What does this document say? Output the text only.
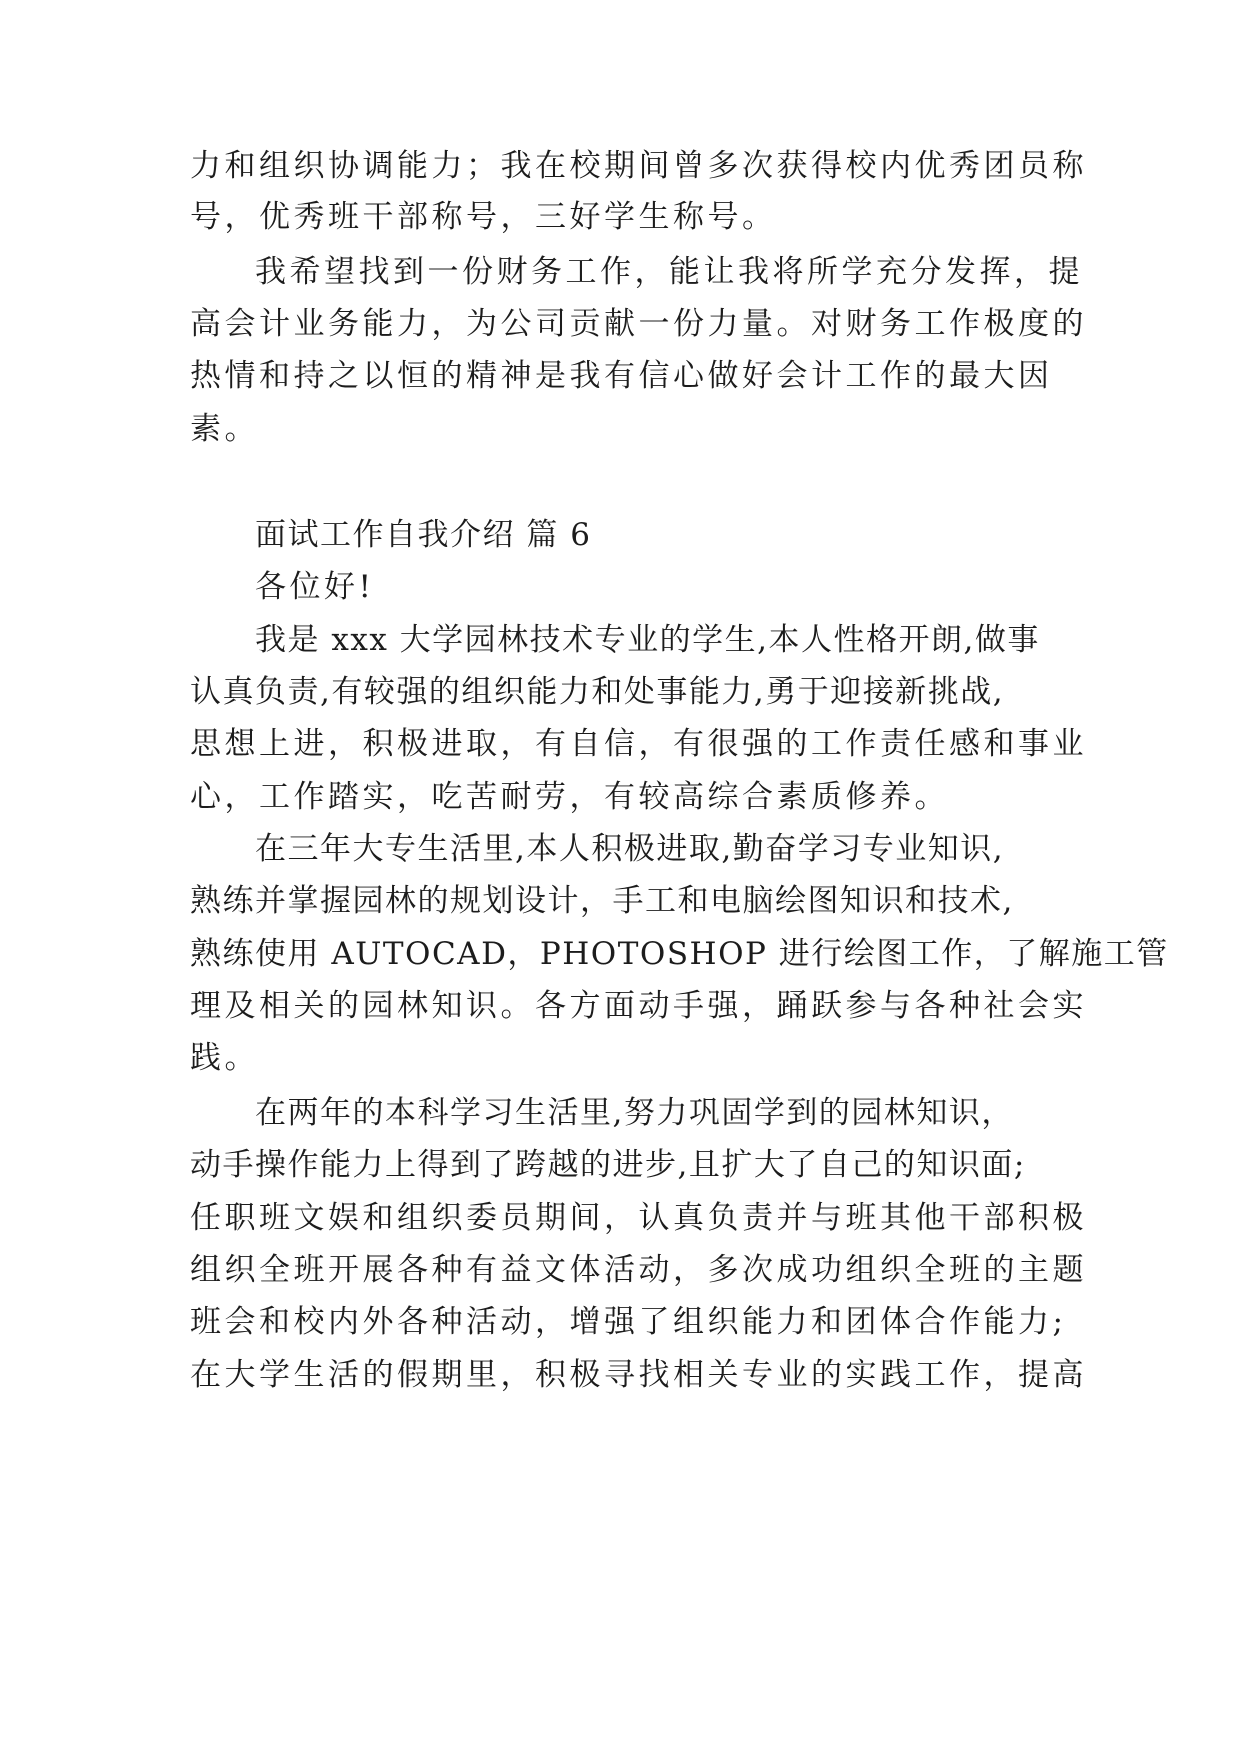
力和组织协调能力；我在校期间曾多次获得校内优秀团员称

号，优秀班干部称号，三好学生称号。

我希望找到一份财务工作，能让我将所学充分发挥，提

高会计业务能力，为公司贡献一份力量。对财务工作极度的

热情和持之以恒的精神是我有信心做好会计工作的最大因

素。

面试工作自我介绍 篇 6

各位好!

我是 xxx 大学园林技术专业的学生,本人性格开朗,做事

认真负责,有较强的组织能力和处事能力,勇于迎接新挑战,

思想上进，积极进取，有自信，有很强的工作责任感和事业

心，工作踏实，吃苦耐劳，有较高综合素质修养。

在三年大专生活里,本人积极进取,勤奋学习专业知识,

熟练并掌握园林的规划设计，手工和电脑绘图知识和技术,

熟练使用 AUTOCAD，PHOTOSHOP 进行绘图工作，了解施工管

理及相关的园林知识。各方面动手强，踊跃参与各种社会实

践。

在两年的本科学习生活里,努力巩固学到的园林知识，

动手操作能力上得到了跨越的进步,且扩大了自己的知识面;

任职班文娱和组织委员期间，认真负责并与班其他干部积极

组织全班开展各种有益文体活动，多次成功组织全班的主题

班会和校内外各种活动，增强了组织能力和团体合作能力;

在大学生活的假期里，积极寻找相关专业的实践工作，提高
